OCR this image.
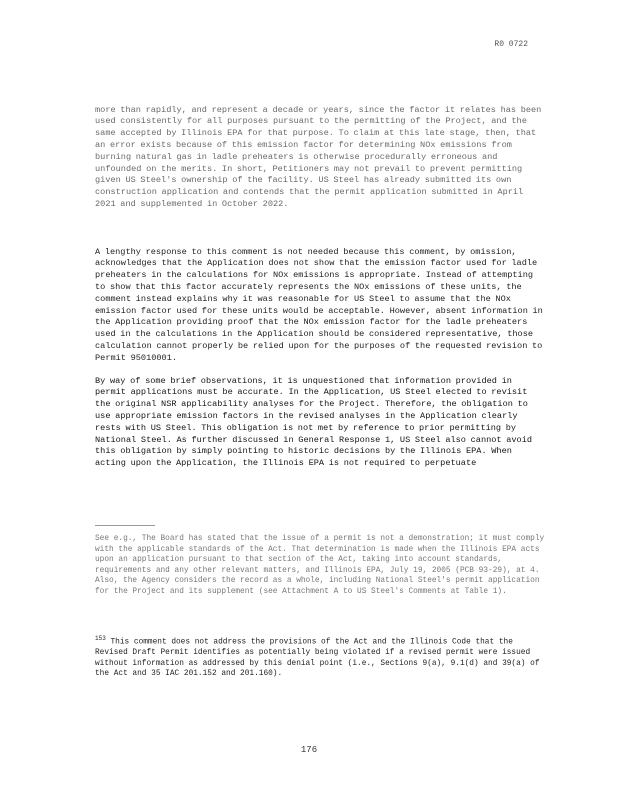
R0 0722

more than rapidly, and represent a decade or years, since the factor it relates has been used consistently for all purposes pursuant to the permitting of the Project, and the same accepted by Illinois EPA for that purpose. To claim at this late stage, then, that an error exists because of this emission factor for determining NOx emissions from burning natural gas in ladle preheaters is otherwise procedurally erroneous and unfounded on the merits. In short, Petitioners may not prevail to prevent permitting given US Steel's ownership of the facility. US Steel has already submitted its own construction application and contends that the permit application submitted in April 2021 and supplemented in October 2022.

A lengthy response to this comment is not needed because this comment, by omission, acknowledges that the Application does not show that the emission factor used for ladle preheaters in the calculations for NOx emissions is appropriate. Instead of attempting to show that this factor accurately represents the NOx emissions of these units, the comment instead explains why it was reasonable for US Steel to assume that the NOx emission factor used for these units would be acceptable. However, absent information in the Application providing proof that the NOx emission factor for the ladle preheaters used in the calculations in the Application should be considered representative, those calculation cannot properly be relied upon for the purposes of the requested revision to Permit 95010001.

By way of some brief observations, it is unquestioned that information provided in permit applications must be accurate. In the Application, US Steel elected to revisit the original NSR applicability analyses for the Project. Therefore, the obligation to use appropriate emission factors in the revised analyses in the Application clearly rests with US Steel. This obligation is not met by reference to prior permitting by National Steel. As further discussed in General Response 1, US Steel also cannot avoid this obligation by simply pointing to historic decisions by the Illinois EPA. When acting upon the Application, the Illinois EPA is not required to perpetuate

See e.g., The Board has stated that the issue of a permit is not a demonstration; it must comply with the applicable standards of the Act. That determination is made when the Illinois EPA acts upon an application pursuant to that section of the Act, taking into account standards, requirements and any other relevant matters, and Illinois EPA, July 19, 2005 (PCB 93-29), at 4. Also, the Agency considers the record as a whole, including National Steel's permit application for the Project and its supplement (see Attachment A to US Steel's Comments at Table 1).
$^{153}$ This comment does not address the provisions of the Act and the Illinois Code that the Revised Draft Permit identifies as potentially being violated if a revised permit were issued without information as addressed by this denial point (i.e., Sections 9(a), 9.1(d) and 39(a) of the Act and 35 IAC 201.152 and 201.160).
176
